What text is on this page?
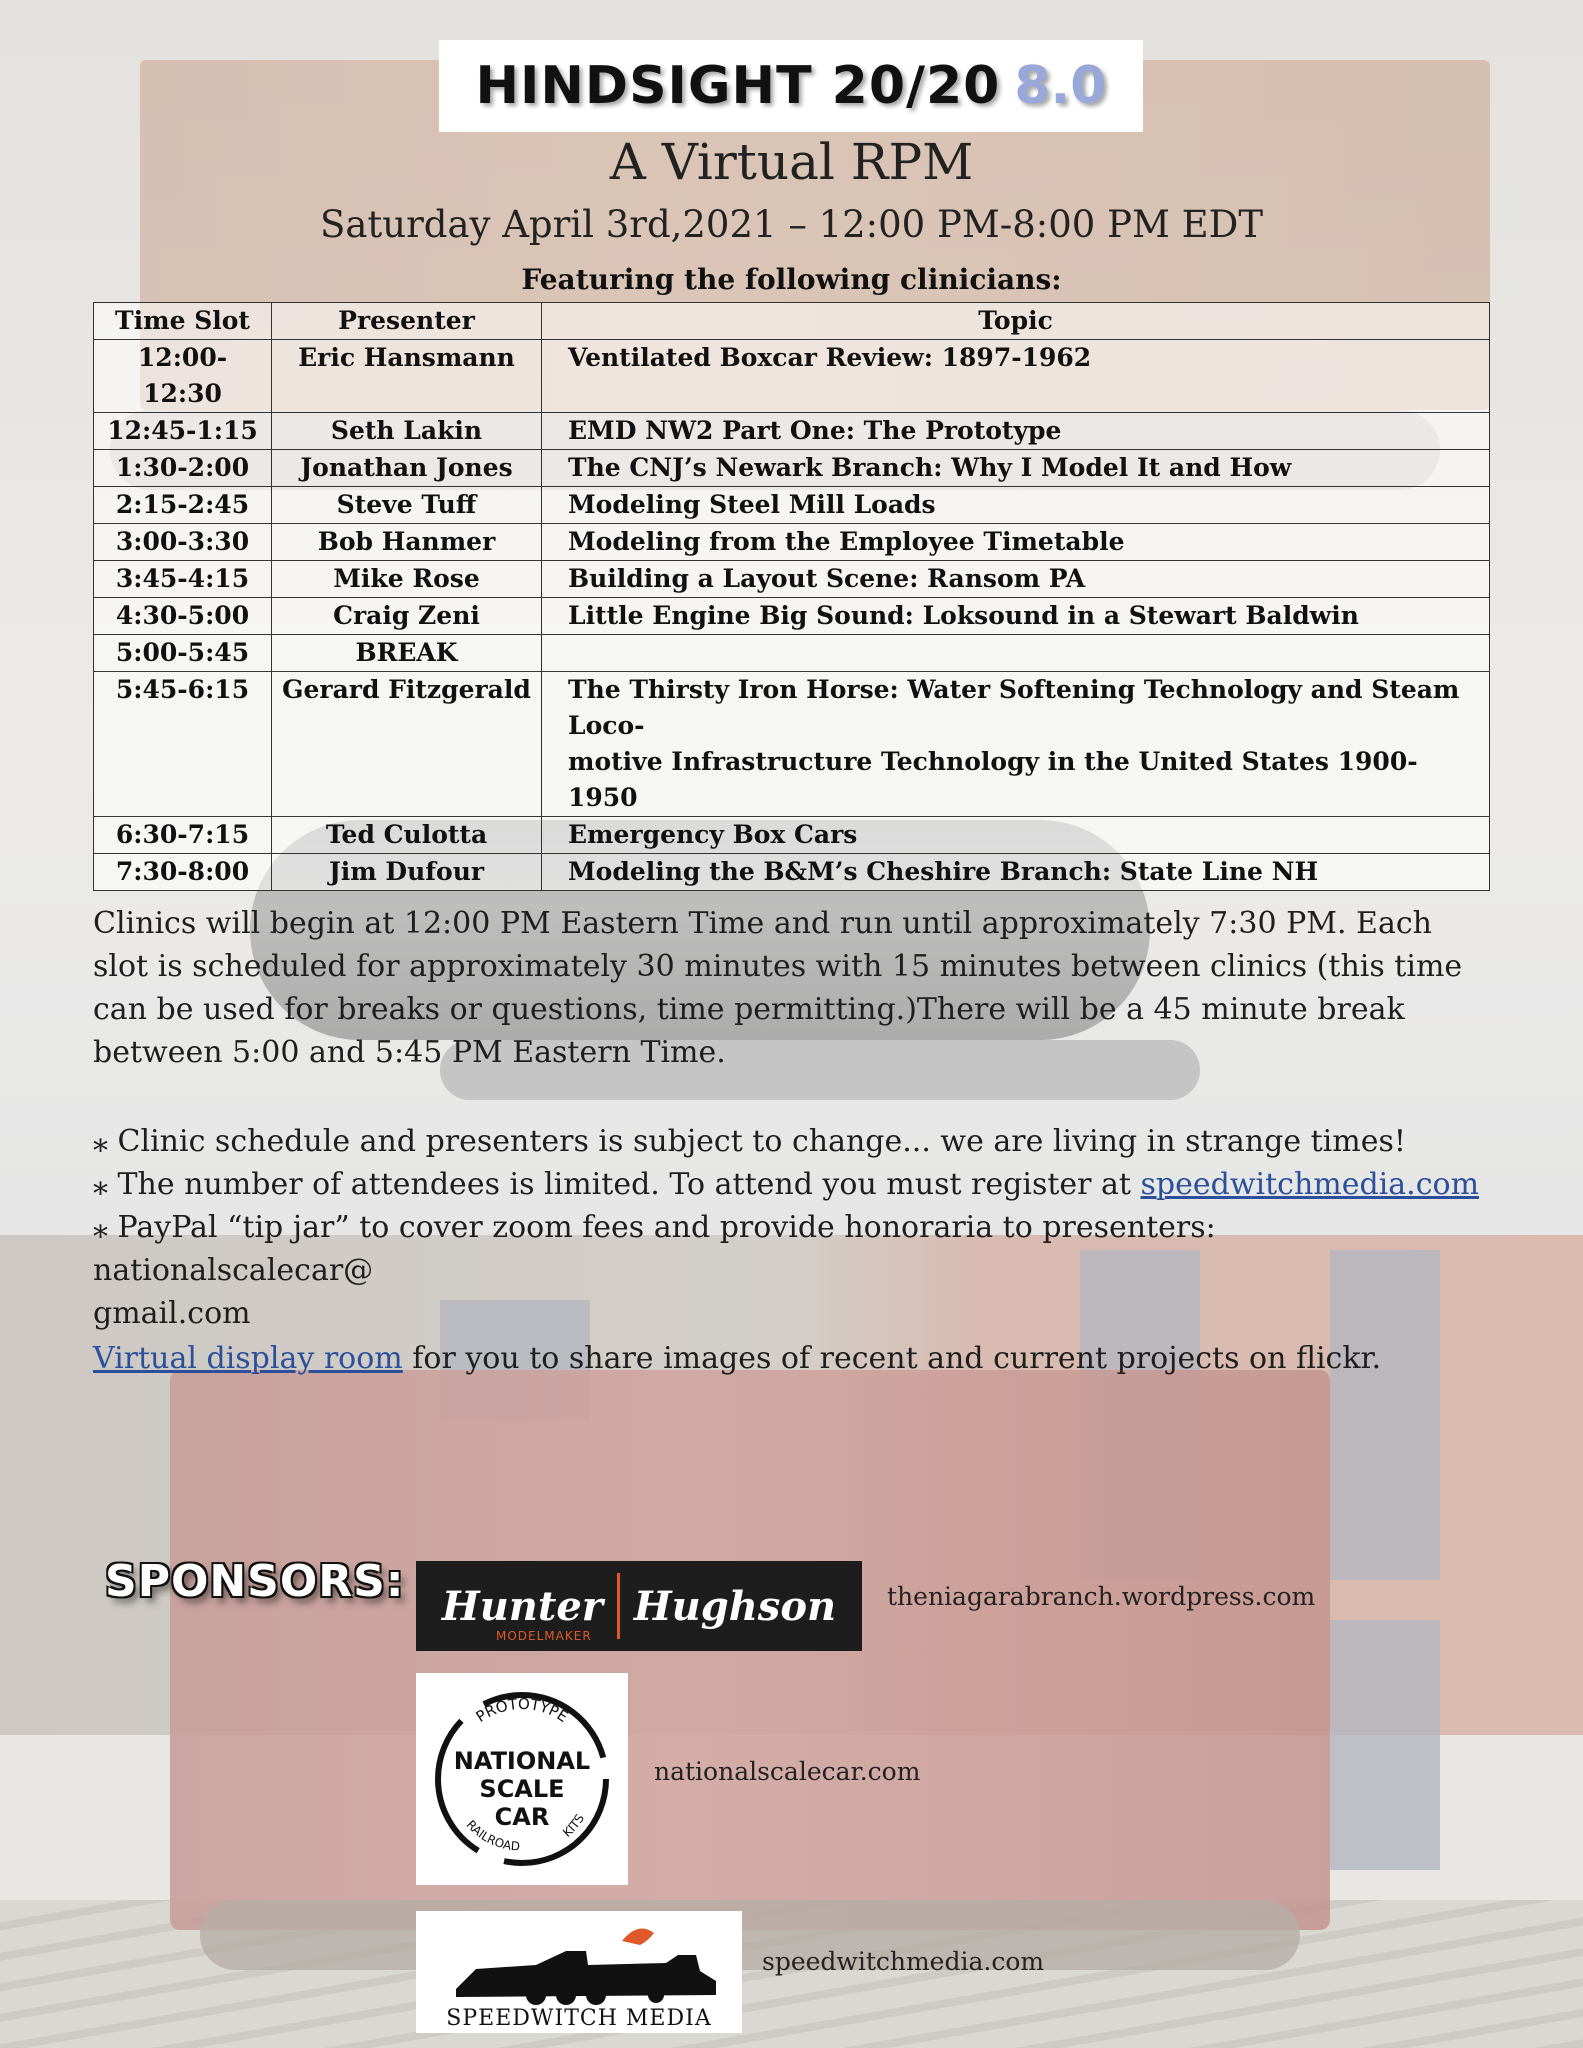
HINDSIGHT 20/20 8.0
A Virtual RPM
Saturday April 3rd,2021 – 12:00 PM-8:00 PM EDT
Featuring the following clinicians:
Time Slot	Presenter	Topic
12:00-12:30	Eric Hansmann	Ventilated Boxcar Review: 1897-1962
12:45-1:15	Seth Lakin	EMD NW2 Part One: The Prototype
1:30-2:00	Jonathan Jones	The CNJ’s Newark Branch: Why I Model It and How
2:15-2:45	Steve Tuff	Modeling Steel Mill Loads
3:00-3:30	Bob Hanmer	Modeling from the Employee Timetable
3:45-4:15	Mike Rose	Building a Layout Scene: Ransom PA
4:30-5:00	Craig Zeni	Little Engine Big Sound: Loksound in a Stewart Baldwin
5:00-5:45	BREAK	
5:45-6:15	Gerard Fitzgerald	The Thirsty Iron Horse: Water Softening Technology and Steam Loco-
motive Infrastructure Technology in the United States 1900-1950

6:30-7:15	Ted Culotta	Emergency Box Cars
7:30-8:00	Jim Dufour	Modeling the B&M’s Cheshire Branch: State Line NH
Clinics will begin at 12:00 PM Eastern Time and run until approximately 7:30 PM. Each slot is scheduled for approximately 30 minutes with 15 minutes between clinics (this time can be used for breaks or questions, time permitting.)There will be a 45 minute break between 5:00 and 5:45 PM Eastern Time.
⁎ Clinic schedule and presenters is subject to change... we are living in strange times!
⁎ The number of attendees is limited. To attend you must register at speedwitchmedia.com
⁎ PayPal “tip jar” to cover zoom fees and provide honoraria to presenters: nationalscalecar@
gmail.com
Virtual display room for you to share images of recent and current projects on flickr.
SPONSORS: Hunter Hughson
MODELMAKER
theniagarabranch.wordpress.com
PROTOTYPE
NATIONAL
SCALE
CAR
RAILROAD
KITS
nationalscalecar.com
SPEEDWITCH MEDIA
speedwitchmedia.com
